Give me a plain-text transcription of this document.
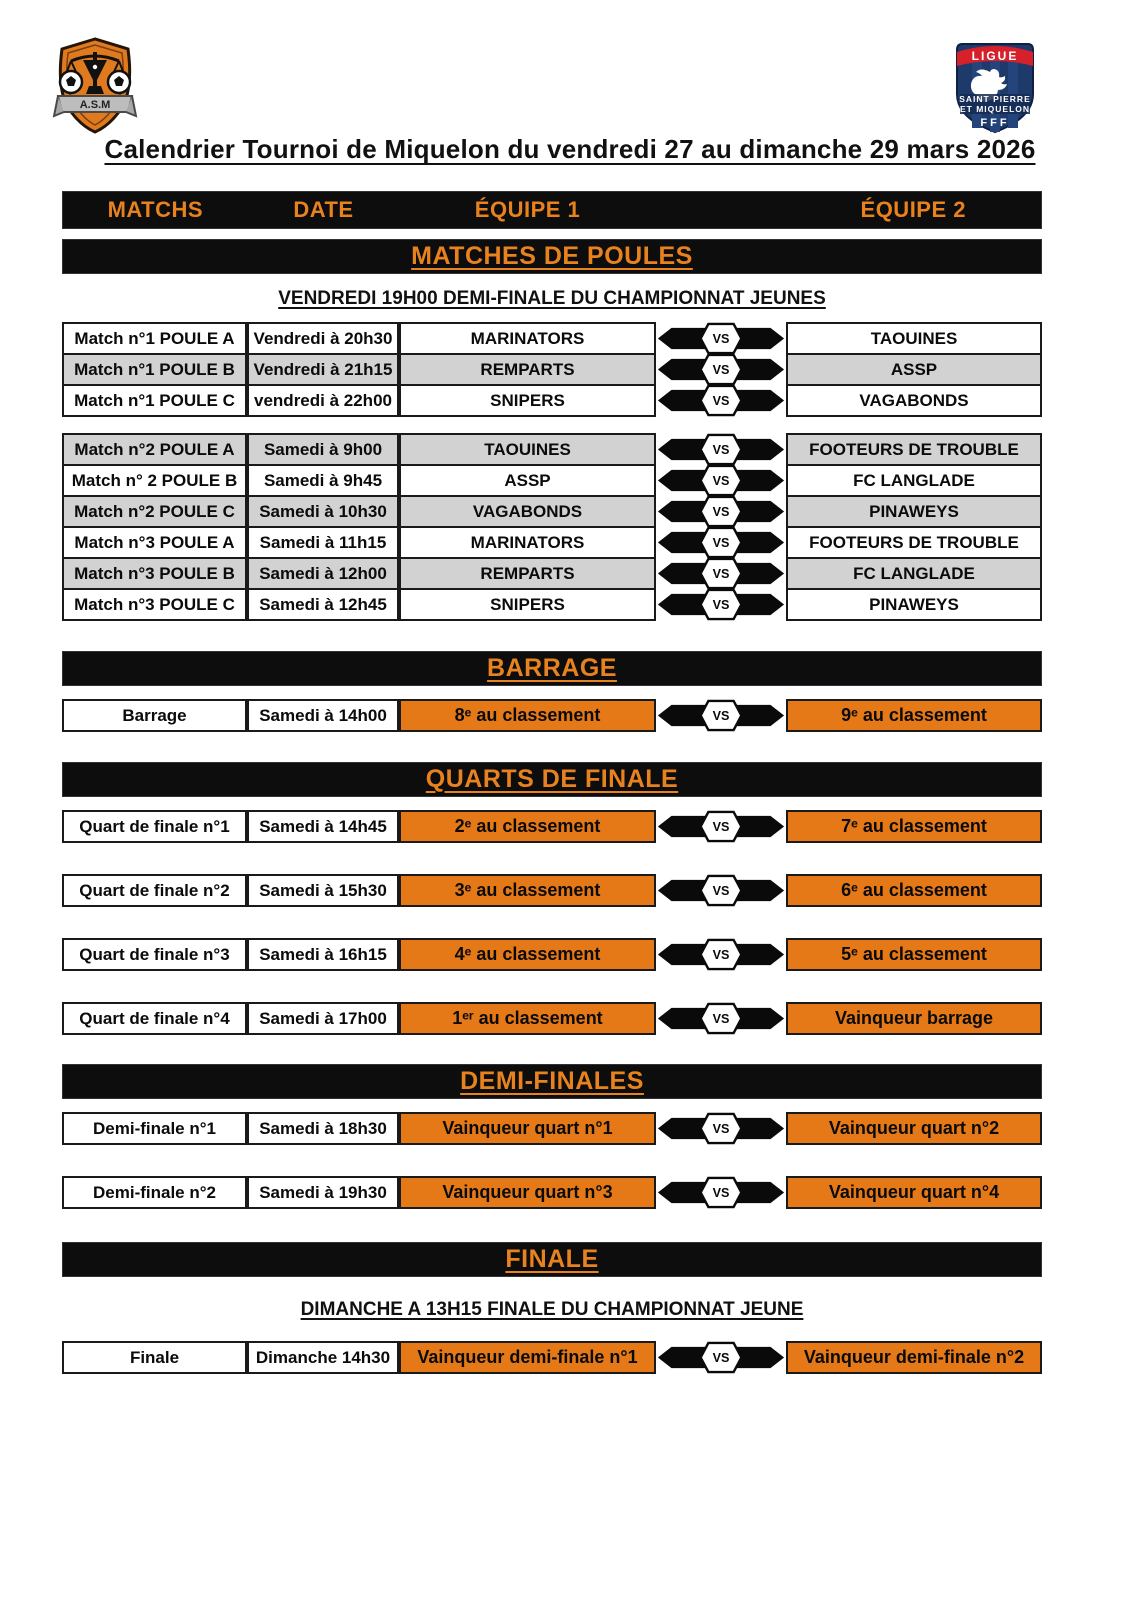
A.S.M
LIGUE
SAINT PIERRE
ET MIQUELON
FFF
Calendrier Tournoi de Miquelon du vendredi 27 au dimanche 29 mars 2026
MATCHS	DATE	ÉQUIPE 1	ÉQUIPE 2
MATCHES DE POULES
VENDREDI 19H00 DEMI-FINALE DU CHAMPIONNAT JEUNES
Match n°1 POULE A	Vendredi à 20h30	MARINATORS	VS	TAOUINES
Match n°1 POULE B	Vendredi à 21h15	REMPARTS	VS	ASSP
Match n°1 POULE C	vendredi à 22h00	SNIPERS	VS	VAGABONDS
Match n°2 POULE A	Samedi à 9h00	TAOUINES	VS	FOOTEURS DE TROUBLE
Match n° 2 POULE B	Samedi à 9h45	ASSP	VS	FC LANGLADE
Match n°2 POULE C	Samedi à 10h30	VAGABONDS	VS	PINAWEYS
Match n°3 POULE A	Samedi à 11h15	MARINATORS	VS	FOOTEURS DE TROUBLE
Match n°3 POULE B	Samedi à 12h00	REMPARTS	VS	FC LANGLADE
Match n°3 POULE C	Samedi à 12h45	SNIPERS	VS	PINAWEYS
BARRAGE
Barrage	Samedi à 14h00	8ᵉ au classement	VS	9ᵉ au classement
QUARTS DE FINALE
Quart de finale n°1	Samedi à 14h45	2ᵉ au classement	VS	7ᵉ au classement
Quart de finale n°2	Samedi à 15h30	3ᵉ au classement	VS	6ᵉ au classement
Quart de finale n°3	Samedi à 16h15	4ᵉ au classement	VS	5ᵉ au classement
Quart de finale n°4	Samedi à 17h00	1ᵉʳ au classement	VS	Vainqueur barrage
DEMI-FINALES
Demi-finale n°1	Samedi à 18h30	Vainqueur quart n°1	VS	Vainqueur quart n°2
Demi-finale n°2	Samedi à 19h30	Vainqueur quart n°3	VS	Vainqueur quart n°4
FINALE
DIMANCHE A 13H15 FINALE DU CHAMPIONNAT JEUNE
Finale	Dimanche 14h30	Vainqueur demi-finale n°1	VS	Vainqueur demi-finale n°2
